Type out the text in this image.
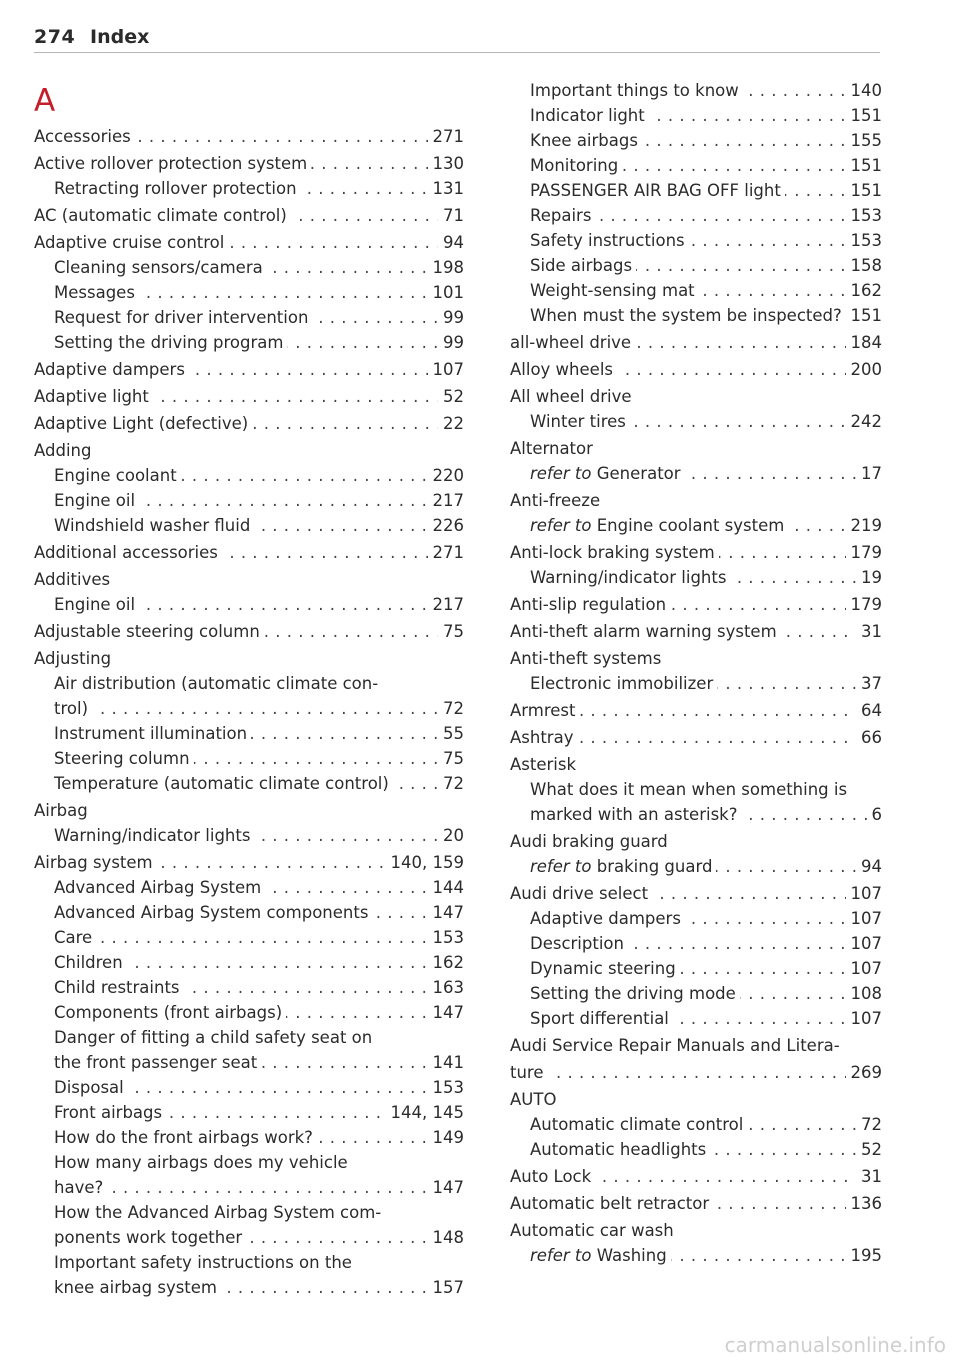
274 Index
A
Accessories	271
. . .
Active rollover protection system	130
. . .
Retracting rollover protection	131
. . .
AC (automatic climate control)	71
. . .
Adaptive cruise control	94
. . .
Cleaning sensors/camera	198
. . .
Messages	101
. . .
Request for driver intervention	99
. . .
Setting the driving program	99
. . .
Adaptive dampers	107
. . .
Adaptive light	52
. . .
Adaptive Light (defective)	22
. . .
Adding
Engine coolant	220
. . .
Engine oil	217
. . .
Windshield washer fluid	226
. . .
Additional accessories	271
. . .
Additives
Engine oil	217
. . .
Adjustable steering column	75
. . .
Adjusting
Air distribution (automatic climate con-
trol)	72
. . .
Instrument illumination	55
. . .
Steering column	75
. . .
Temperature (automatic climate control)	72
. . .
Airbag
Warning/indicator lights	20
. . .
Airbag system	140, 159
. . .
Advanced Airbag System	144
. . .
Advanced Airbag System components	147
. . .
Care	153
. . .
Children	162
. . .
Child restraints	163
. . .
Components (front airbags)	147
. . .
Danger of fitting a child safety seat on
the front passenger seat	141
. . .
Disposal	153
. . .
Front airbags	144, 145
. . .
How do the front airbags work?	149
. . .
How many airbags does my vehicle
have?	147
. . .
How the Advanced Airbag System com-
ponents work together	148
. . .
Important safety instructions on the
knee airbag system	157
. . .
Important things to know	140
. . .
Indicator light	151
. . .
Knee airbags	155
. . .
Monitoring	151
. . .
PASSENGER AIR BAG OFF light	151
. . .
Repairs	153
. . .
Safety instructions	153
. . .
Side airbags	158
. . .
Weight-sensing mat	162
. . .
When must the system be inspected? 151
. . .
all-wheel drive	184
. . .
Alloy wheels	200
. . .
All wheel drive
Winter tires	242
. . .
Alternator
refer to Generator	17
. . .
Anti-freeze
refer to Engine coolant system	219
. . .
Anti-lock braking system	179
. . .
Warning/indicator lights	19
. . .
Anti-slip regulation	179
. . .
Anti-theft alarm warning system	31
. . .
Anti-theft systems
Electronic immobilizer	37
. . .
Armrest	64
. . .
Ashtray	66
. . .
Asterisk
What does it mean when something is
marked with an asterisk?	6
. . .
Audi braking guard
refer to braking guard	94
. . .
Audi drive select	107
. . .
Adaptive dampers	107
. . .
Description	107
. . .
Dynamic steering	107
. . .
Setting the driving mode	108
. . .
Sport differential	107
. . .
Audi Service Repair Manuals and Litera-
ture	269
. . .
AUTO
Automatic climate control	72
. . .
Automatic headlights	52
. . .
Auto Lock	31
. . .
Automatic belt retractor	136
. . .
Automatic car wash
refer to Washing	195
. . .
carmanualsonline.info
